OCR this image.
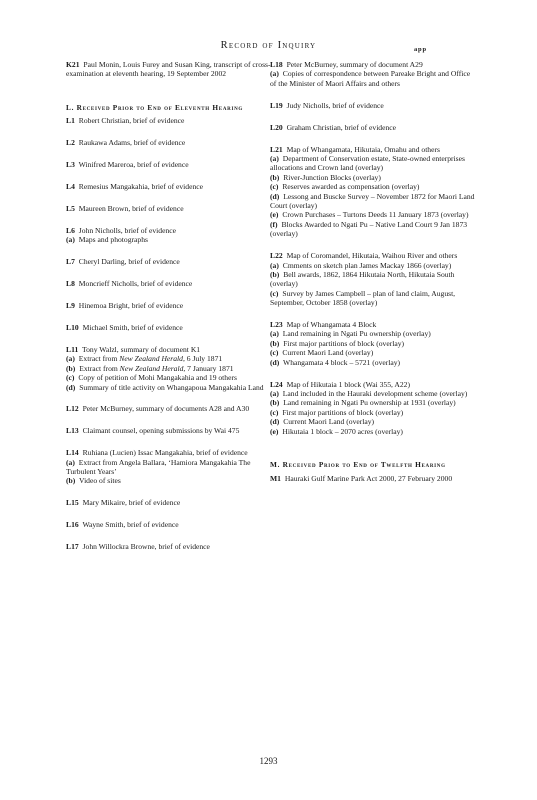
Record of Inquiry	app
K21 Paul Monin, Louis Furey and Susan King, transcript of cross-examination at eleventh hearing, 19 September 2002
L. Received Prior to End of Eleventh Hearing
L1 Robert Christian, brief of evidence
L2 Raukawa Adams, brief of evidence
L3 Winifred Mareroa, brief of evidence
L4 Remesius Mangakahia, brief of evidence
L5 Maureen Brown, brief of evidence
L6 John Nicholls, brief of evidence
(a) Maps and photographs
L7 Cheryl Darling, brief of evidence
L8 Moncrieff Nicholls, brief of evidence
L9 Hinemoa Bright, brief of evidence
L10 Michael Smith, brief of evidence
L11 Tony Walzl, summary of document K1
(a) Extract from New Zealand Herald, 6 July 1871
(b) Extract from New Zealand Herald, 7 January 1871
(c) Copy of petition of Mohi Mangakahia and 19 others
(d) Summary of title activity on Whangapoua Mangakahia Land
L12 Peter McBurney, summary of documents A28 and A30
L13 Claimant counsel, opening submissions by Wai 475
L14 Ruhiana (Lucien) Issac Mangakahia, brief of evidence
(a) Extract from Angela Ballara, ‘Hamiora Mangakahia The Turbulent Years’
(b) Video of sites
L15 Mary Mikaire, brief of evidence
L16 Wayne Smith, brief of evidence
L17 John Willockra Browne, brief of evidence
L18 Peter McBurney, summary of document A29
(a) Copies of correspondence between Pareake Bright and Office of the Minister of Maori Affairs and others
L19 Judy Nicholls, brief of evidence
L20 Graham Christian, brief of evidence
L21 Map of Whangamata, Hikutaia, Omahu and others
(a) Department of Conservation estate, State-owned enterprises allocations and Crown land (overlay)
(b) River-Junction Blocks (overlay)
(c) Reserves awarded as compensation (overlay)
(d) Lessong and Buscke Survey – November 1872 for Maori Land Court (overlay)
(e) Crown Purchases – Turtons Deeds 11 January 1873 (overlay)
(f) Blocks Awarded to Ngati Pu – Native Land Court 9 Jan 1873 (overlay)
L22 Map of Coromandel, Hikutaia, Waihou River and others
(a) Cmments on sketch plan James Mackay 1866 (overlay)
(b) Bell awards, 1862, 1864 Hikutaia North, Hikutaia South (overlay)
(c) Survey by James Campbell – plan of land claim, August, September, October 1858 (overlay)
L23 Map of Whangamata 4 Block
(a) Land remaining in Ngati Pu ownership (overlay)
(b) First major partitions of block (overlay)
(c) Current Maori Land (overlay)
(d) Whangamata 4 block – 5721 (overlay)
L24 Map of Hikutaia 1 block (Wai 355, A22)
(a) Land included in the Hauraki development scheme (overlay)
(b) Land remaining in Ngati Pu ownership at 1931 (overlay)
(c) First major partitions of block (overlay)
(d) Current Maori Land (overlay)
(e) Hikutaia 1 block – 2070 acres (overlay)
M. Received Prior to End of Twelfth Hearing
M1 Hauraki Gulf Marine Park Act 2000, 27 February 2000
1293
